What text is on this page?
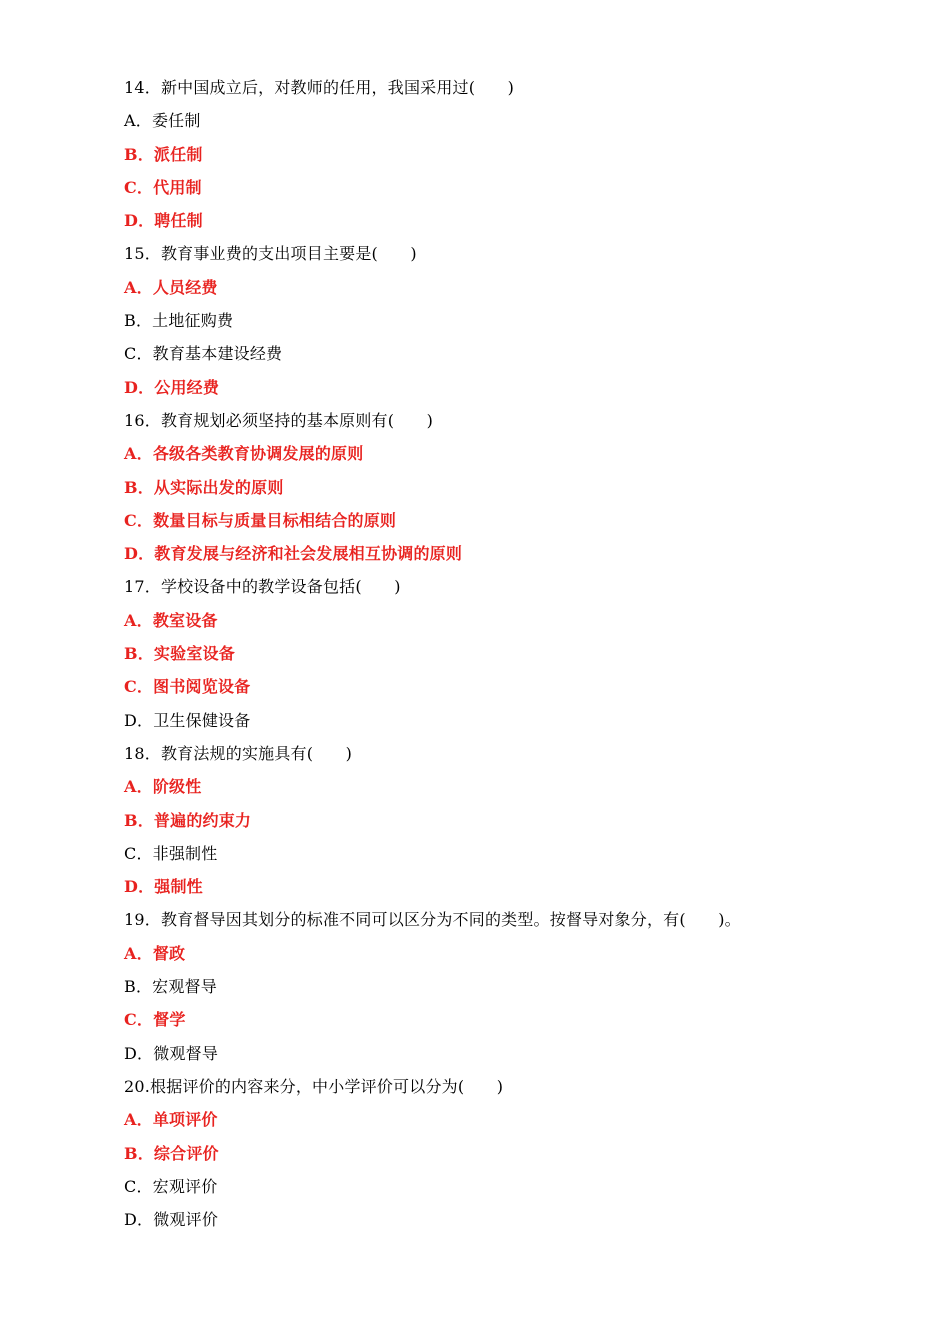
14．新中国成立后，对教师的任用，我国采用过(　　)
A．委任制
B．派任制
C．代用制
D．聘任制
15．教育事业费的支出项目主要是(　　)
A．人员经费
B．土地征购费
C．教育基本建设经费
D．公用经费
16．教育规划必须坚持的基本原则有(　　)
A．各级各类教育协调发展的原则
B．从实际出发的原则
C．数量目标与质量目标相结合的原则
D．教育发展与经济和社会发展相互协调的原则
17．学校设备中的教学设备包括(　　)
A．教室设备
B．实验室设备
C．图书阅览设备
D．卫生保健设备
18．教育法规的实施具有(　　)
A．阶级性
B．普遍的约束力
C．非强制性
D．强制性
19．教育督导因其划分的标准不同可以区分为不同的类型。按督导对象分，有(　　)。
A．督政
B．宏观督导
C．督学
D．微观督导
20.根据评价的内容来分，中小学评价可以分为(　　)
A．单项评价
B．综合评价
C．宏观评价
D．微观评价
